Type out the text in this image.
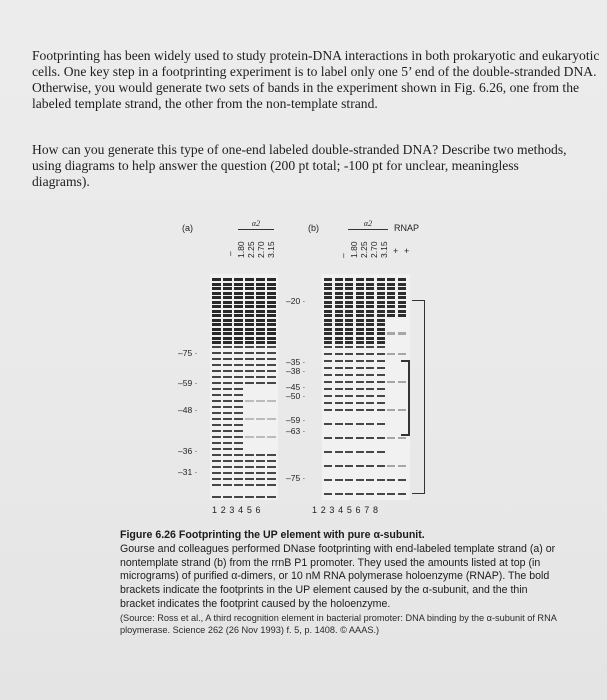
Footprinting has been widely used to study protein-DNA interactions in both prokaryotic and eukaryotic cells. One key step in a footprinting experiment is to label only one 5’ end of the double-stranded DNA. Otherwise, you would generate two sets of bands in the experiment shown in Fig. 6.26, one from the labeled template strand, the other from the non-template strand.

How can you generate this type of one-end labeled double-stranded DNA? Describe two methods, using diagrams to help answer the question (200 pt total; -100 pt for unclear, meaningless diagrams).

(a)	α2
– 1.80 2.25 2.70 3.15
–75 ·
–59 ·
–48 ·
–36 ·
–31 ·
1 2 3 4 5 6
(b)	α2	RNAP
– 1.80 2.25 2.70 3.15 + +
–20 ·
–35 ·
–38 ·
–45 ·
–50 ·
–59 ·
–63 ·
–75 ·
1 2 3 4 5 6 7 8
Figure 6.26 Footprinting the UP element with pure α-subunit.
Gourse and colleagues performed DNase footprinting with end-labeled template strand (a) or nontemplate strand (b) from the rrnB P1 promoter. They used the amounts listed at top (in micrograms) of purified α-dimers, or 10 nM RNA polymerase holoenzyme (RNAP). The bold brackets indicate the footprints in the UP element caused by the α-subunit, and the thin bracket indicates the footprint caused by the holoenzyme.
(Source: Ross et al., A third recognition element in bacterial promoter: DNA binding by the α-subunit of RNA ploymerase. Science 262 (26 Nov 1993) f. 5, p. 1408. © AAAS.)
